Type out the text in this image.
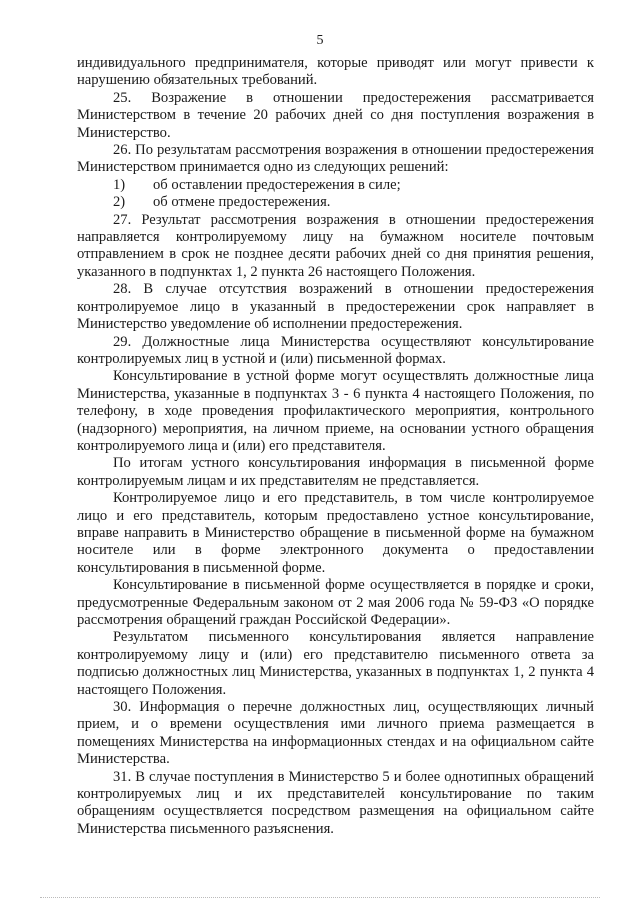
5

индивидуального предпринимателя, которые приводят или могут привести к нарушению обязательных требований.

25. Возражение в отношении предостережения рассматривается Министерством в течение 20 рабочих дней со дня поступления возражения в Министерство.

26. По результатам рассмотрения возражения в отношении предостережения Министерством принимается одно из следующих решений:

1)	об оставлении предостережения в силе;
2)	об отмене предостережения.

27. Результат рассмотрения возражения в отношении предостережения направляется контролируемому лицу на бумажном носителе почтовым отправлением в срок не позднее десяти рабочих дней со дня принятия решения, указанного в подпунктах 1, 2 пункта 26 настоящего Положения.

28. В случае отсутствия возражений в отношении предостережения контролируемое лицо в указанный в предостережении срок направляет в Министерство уведомление об исполнении предостережения.

29. Должностные лица Министерства осуществляют консультирование контролируемых лиц в устной и (или) письменной формах.

Консультирование в устной форме могут осуществлять должностные лица Министерства, указанные в подпунктах 3 - 6 пункта 4 настоящего Положения, по телефону, в ходе проведения профилактического мероприятия, контрольного (надзорного) мероприятия, на личном приеме, на основании устного обращения контролируемого лица и (или) его представителя.

По итогам устного консультирования информация в письменной форме контролируемым лицам и их представителям не представляется.

Контролируемое лицо и его представитель, в том числе контролируемое лицо и его представитель, которым предоставлено устное консультирование, вправе направить в Министерство обращение в письменной форме на бумажном носителе или в форме электронного документа о предоставлении консультирования в письменной форме.

Консультирование в письменной форме осуществляется в порядке и сроки, предусмотренные Федеральным законом от 2 мая 2006 года № 59-ФЗ «О порядке рассмотрения обращений граждан Российской Федерации».

Результатом письменного консультирования является направление контролируемому лицу и (или) его представителю письменного ответа за подписью должностных лиц Министерства, указанных в подпунктах 1, 2 пункта 4 настоящего Положения.

30. Информация о перечне должностных лиц, осуществляющих личный прием, и о времени осуществления ими личного приема размещается в помещениях Министерства на информационных стендах и на официальном сайте Министерства.

31. В случае поступления в Министерство 5 и более однотипных обращений контролируемых лиц и их представителей консультирование по таким обращениям осуществляется посредством размещения на официальном сайте Министерства письменного разъяснения.
